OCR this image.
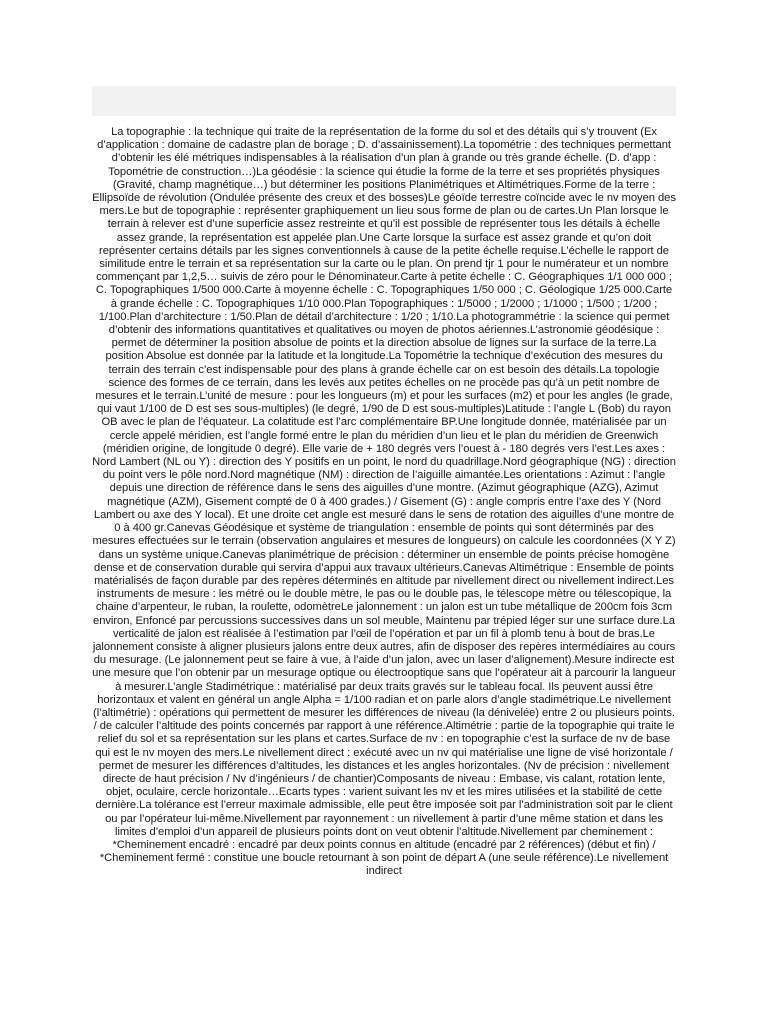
La topographie : la technique qui traite de la représentation de la forme du sol et des détails qui s’y trouvent (Ex d’application : domaine de cadastre plan de borage ; D. d’assainissement).La topométrie : des techniques permettant d’obtenir les élé métriques indispensables à la réalisation d’un plan à grande ou très grande échelle. (D. d’app : Topométrie de construction…)La géodésie : la science qui étudie la forme de la terre et ses propriétés physiques (Gravité, champ magnétique…) but déterminer les positions Planimétriques et Altimétriques.Forme de la terre : Ellipsoïde de révolution (Ondulée présente des creux et des bosses)Le géoïde terrestre coïncide avec le nv moyen des mers.Le but de topographie : représenter graphiquement un lieu sous forme de plan ou de cartes.Un Plan lorsque le terrain à relever est d’une superficie assez restreinte et qu’il est possible de représenter tous les détails à échelle assez grande, la représentation est appelée plan.Une Carte lorsque la surface est assez grande et qu’on doit représenter certains détails par les signes conventionnels à cause de la petite échelle requise.L’échelle le rapport de similitude entre le terrain et sa représentation sur la carte ou le plan. On prend tjr 1 pour le numérateur et un nombre commençant par 1,2,5… suivis de zéro pour le Dénominateur.Carte à petite échelle : C. Géographiques 1/1 000 000 ; C. Topographiques 1/500 000.Carte à moyenne échelle : C. Topographiques 1/50 000 ; C. Géologique 1/25 000.Carte à grande échelle : C. Topographiques 1/10 000.Plan Topographiques : 1/5000 ; 1/2000 ; 1/1000 ; 1/500 ; 1/200 ; 1/100.Plan d’architecture : 1/50.Plan de détail d’architecture : 1/20 ; 1/10.La photogrammétrie : la science qui permet d’obtenir des informations quantitatives et qualitatives ou moyen de photos aériennes.L’astronomie géodésique : permet de déterminer la position absolue de points et la direction absolue de lignes sur la surface de la terre.La position Absolue est donnée par la latitude et la longitude.La Topométrie la technique d’exécution des mesures du terrain des terrain c’est indispensable pour des plans à grande échelle car on est besoin des détails.La topologie science des formes de ce terrain, dans les levés aux petites échelles on ne procède pas qu’à un petit nombre de mesures et le terrain.L’unité de mesure : pour les longueurs (m) et pour les surfaces (m2) et pour les angles (le grade, qui vaut 1/100 de D est ses sous-multiples) (le degré, 1/90 de D est sous-multiples)Latitude : l’angle L (Bob) du rayon OB avec le plan de l’équateur. La colatitude est l’arc complémentaire BP.Une longitude donnée, matérialisée par un cercle appelé méridien, est l’angle formé entre le plan du méridien d’un lieu et le plan du méridien de Greenwich (méridien origine, de longitude 0 degré). Elle varie de + 180 degrés vers l’ouest à - 180 degrés vers l’est.Les axes : Nord Lambert (NL ou Y) : direction des Y positifs en un point, le nord du quadrillage.Nord géographique (NG) : direction du point vers le pôle nord.Nord magnétique (NM) : direction de l’aiguille aimantée.Les orientations : Azimut : l’angle depuis une direction de référence dans le sens des aiguilles d’une montre. (Azimut géographique (AZG), Azimut magnétique (AZM), Gisement compté de 0 à 400 grades.) / Gisement (G) : angle compris entre l’axe des Y (Nord Lambert ou axe des Y local). Et une droite cet angle est mesuré dans le sens de rotation des aiguilles d’une montre de 0 à 400 gr.Canevas Géodésique et système de triangulation : ensemble de points qui sont déterminés par des mesures effectuées sur le terrain (observation angulaires et mesures de longueurs) on calcule les coordonnées (X Y Z) dans un système unique.Canevas planimétrique de précision : déterminer un ensemble de points précise homogène dense et de conservation durable qui servira d’appui aux travaux ultérieurs.Canevas Altimétrique : Ensemble de points matérialisés de façon durable par des repères déterminés en altitude par nivellement direct ou nivellement indirect.Les instruments de mesure : les métré ou le double mètre, le pas ou le double pas, le télescope mètre ou télescopique, la chaine d’arpenteur, le ruban, la roulette, odomètreLe jalonnement : un jalon est un tube métallique de 200cm fois 3cm environ, Enfoncé par percussions successives dans un sol meuble, Maintenu par trépied léger sur une surface dure.La verticalité de jalon est réalisée à l’estimation par l’œil de l’opération et par un fil à plomb tenu à bout de bras.Le jalonnement consiste à aligner plusieurs jalons entre deux autres, afin de disposer des repères intermédiaires au cours du mesurage. (Le jalonnement peut se faire à vue, à l’aide d’un jalon, avec un laser d’alignement).Mesure indirecte est une mesure que l’on obtenir par un mesurage optique ou électrooptique sans que l’opérateur ait à parcourir la langueur à mesurer.L’angle Stadimétrique : matérialisé par deux traits gravés sur le tableau focal. Ils peuvent aussi être horizontaux et valent en général un angle Alpha = 1/100 radian et on parle alors d’angle stadimétrique.Le nivellement (l’altimétrie) : opérations qui permettent de mesurer les différences de niveau (la dénivelée) entre 2 ou plusieurs points. / de calculer l’altitude des points concernés par rapport à une référence.Altimétrie : partie de la topographie qui traite le relief du sol et sa représentation sur les plans et cartes.Surface de nv : en topographie c’est la surface de nv de base qui est le nv moyen des mers.Le nivellement direct : exécuté avec un nv qui matérialise une ligne de visé horizontale / permet de mesurer les différences d’altitudes, les distances et les angles horizontales. (Nv de précision : nivellement directe de haut précision / Nv d’ingénieurs / de chantier)Composants de niveau : Embase, vis calant, rotation lente, objet, oculaire, cercle horizontale…Ecarts types : varient suivant les nv et les mires utilisées et la stabilité de cette dernière.La tolérance est l’erreur maximale admissible, elle peut être imposée soit par l’administration soit par le client ou par l’opérateur lui-même.Nivellement par rayonnement : un nivellement à partir d’une même station et dans les limites d’emploi d’un appareil de plusieurs points dont on veut obtenir l’altitude.Nivellement par cheminement : *Cheminement encadré : encadré par deux points connus en altitude (encadré par 2 références) (début et fin) / *Cheminement fermé : constitue une boucle retournant à son point de départ A (une seule référence).Le nivellement indirect
